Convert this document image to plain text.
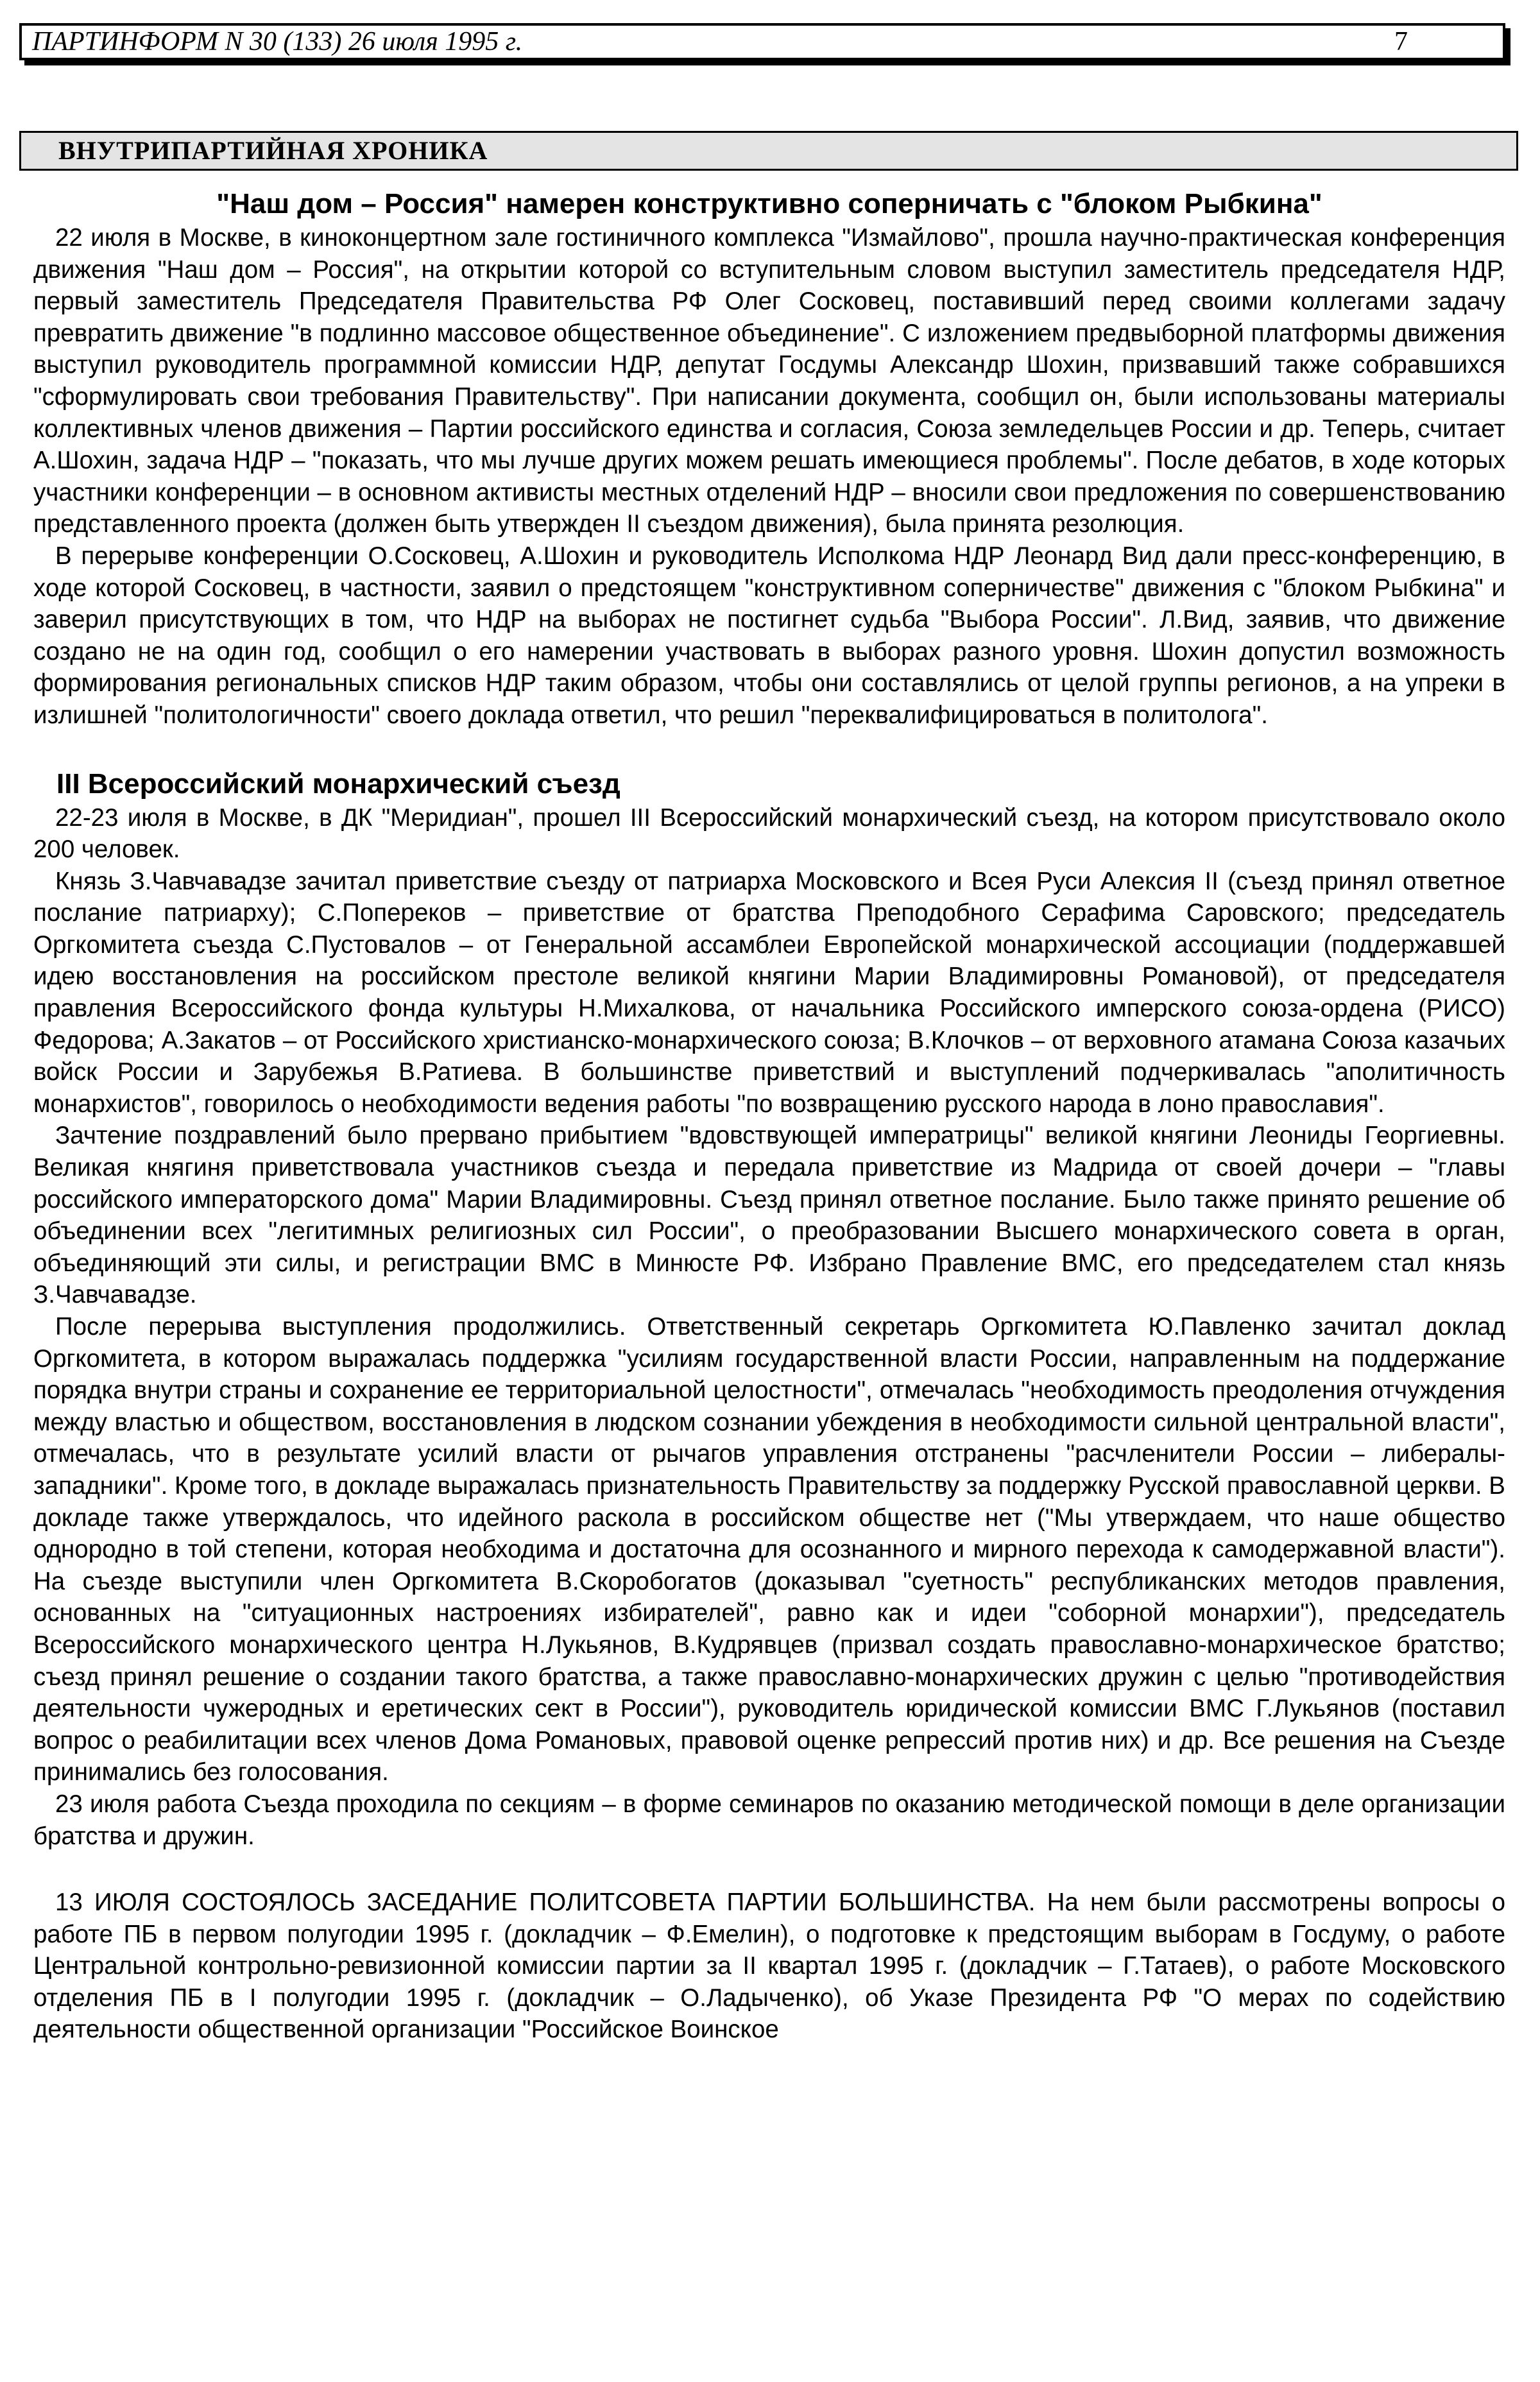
ПАРТИНФОРМ N 30 (133) 26 июля 1995 г.	7
ВНУТРИПАРТИЙНАЯ ХРОНИКА
"Наш дом – Россия" намерен конструктивно соперничать с "блоком Рыбкина"

22 июля в Москве, в киноконцертном зале гостиничного комплекса "Измайлово", прошла научно-практическая конференция движения "Наш дом – Россия", на открытии которой со вступительным словом выступил заместитель председателя НДР, первый заместитель Председателя Правительства РФ Олег Сосковец, поставивший перед своими коллегами задачу превратить движение "в подлинно массовое общественное объединение". С изложением предвыборной платформы движения выступил руководитель программной комиссии НДР, депутат Госдумы Александр Шохин, призвавший также собравшихся "сформулировать свои требования Правительству". При написании документа, сообщил он, были использованы материалы коллективных членов движения – Партии российского единства и согласия, Союза земледельцев России и др. Теперь, считает А.Шохин, задача НДР – "показать, что мы лучше других можем решать имеющиеся проблемы". После дебатов, в ходе которых участники конференции – в основном активисты местных отделений НДР – вносили свои предложения по совершенствованию представленного проекта (должен быть утвержден II съездом движения), была принята резолюция.

В перерыве конференции О.Сосковец, А.Шохин и руководитель Исполкома НДР Леонард Вид дали пресс-конференцию, в ходе которой Сосковец, в частности, заявил о предстоящем "конструктивном соперничестве" движения с "блоком Рыбкина" и заверил присутствующих в том, что НДР на выборах не постигнет судьба "Выбора России". Л.Вид, заявив, что движение создано не на один год, сообщил о его намерении участвовать в выборах разного уровня. Шохин допустил возможность формирования региональных списков НДР таким образом, чтобы они составлялись от целой группы регионов, а на упреки в излишней "политологичности" своего доклада ответил, что решил "переквалифицироваться в политолога".

III Всероссийский монархический съезд

22-23 июля в Москве, в ДК "Меридиан", прошел III Всероссийский монархический съезд, на котором присутствовало около 200 человек.

Князь З.Чавчавадзе зачитал приветствие съезду от патриарха Московского и Всея Руси Алексия II (съезд принял ответное послание патриарху); С.Попереков – приветствие от братства Преподобного Серафима Саровского; председатель Оргкомитета съезда С.Пустовалов – от Генеральной ассамблеи Европейской монархической ассоциации (поддержавшей идею восстановления на российском престоле великой княгини Марии Владимировны Романовой), от председателя правления Всероссийского фонда культуры Н.Михалкова, от начальника Российского имперского союза-ордена (РИСО) Федорова; А.Закатов – от Российского христианско-монархического союза; В.Клочков – от верховного атамана Союза казачьих войск России и Зарубежья В.Ратиева. В большинстве приветствий и выступлений подчеркивалась "аполитичность монархистов", говорилось о необходимости ведения работы "по возвращению русского народа в лоно православия".

Зачтение поздравлений было прервано прибытием "вдовствующей императрицы" великой княгини Леониды Георгиевны. Великая княгиня приветствовала участников съезда и передала приветствие из Мадрида от своей дочери – "главы российского императорского дома" Марии Владимировны. Съезд принял ответное послание. Было также принято решение об объединении всех "легитимных религиозных сил России", о преобразовании Высшего монархического совета в орган, объединяющий эти силы, и регистрации ВМС в Минюсте РФ. Избрано Правление ВМС, его председателем стал князь З.Чавчавадзе.

После перерыва выступления продолжились. Ответственный секретарь Оргкомитета Ю.Павленко зачитал доклад Оргкомитета, в котором выражалась поддержка "усилиям государственной власти России, направленным на поддержание порядка внутри страны и сохранение ее территориальной целостности", отмечалась "необходимость преодоления отчуждения между властью и обществом, восстановления в людском сознании убеждения в необходимости сильной центральной власти", отмечалась, что в результате усилий власти от рычагов управления отстранены "расчленители России – либералы-западники". Кроме того, в докладе выражалась признательность Правительству за поддержку Русской православной церкви. В докладе также утверждалось, что идейного раскола в российском обществе нет ("Мы утверждаем, что наше общество однородно в той степени, которая необходима и достаточна для осознанного и мирного перехода к самодержавной власти"). На съезде выступили член Оргкомитета В.Скоробогатов (доказывал "суетность" республиканских методов правления, основанных на "ситуационных настроениях избирателей", равно как и идеи "соборной монархии"), председатель Всероссийского монархического центра Н.Лукьянов, В.Кудрявцев (призвал создать православно-монархическое братство; съезд принял решение о создании такого братства, а также православно-монархических дружин с целью "противодействия деятельности чужеродных и еретических сект в России"), руководитель юридической комиссии ВМС Г.Лукьянов (поставил вопрос о реабилитации всех членов Дома Романовых, правовой оценке репрессий против них) и др. Все решения на Съезде принимались без голосования.

23 июля работа Съезда проходила по секциям – в форме семинаров по оказанию методической помощи в деле организации братства и дружин.

13 ИЮЛЯ СОСТОЯЛОСЬ ЗАСЕДАНИЕ ПОЛИТСОВЕТА ПАРТИИ БОЛЬШИНСТВА. На нем были рассмотрены вопросы о работе ПБ в первом полугодии 1995 г. (докладчик – Ф.Емелин), о подготовке к предстоящим выборам в Госдуму, о работе Центральной контрольно-ревизионной комиссии партии за II квартал 1995 г. (докладчик – Г.Татаев), о работе Московского отделения ПБ в I полугодии 1995 г. (докладчик – О.Ладыченко), об Указе Президента РФ "О мерах по содействию деятельности общественной организации "Российское Воинское
